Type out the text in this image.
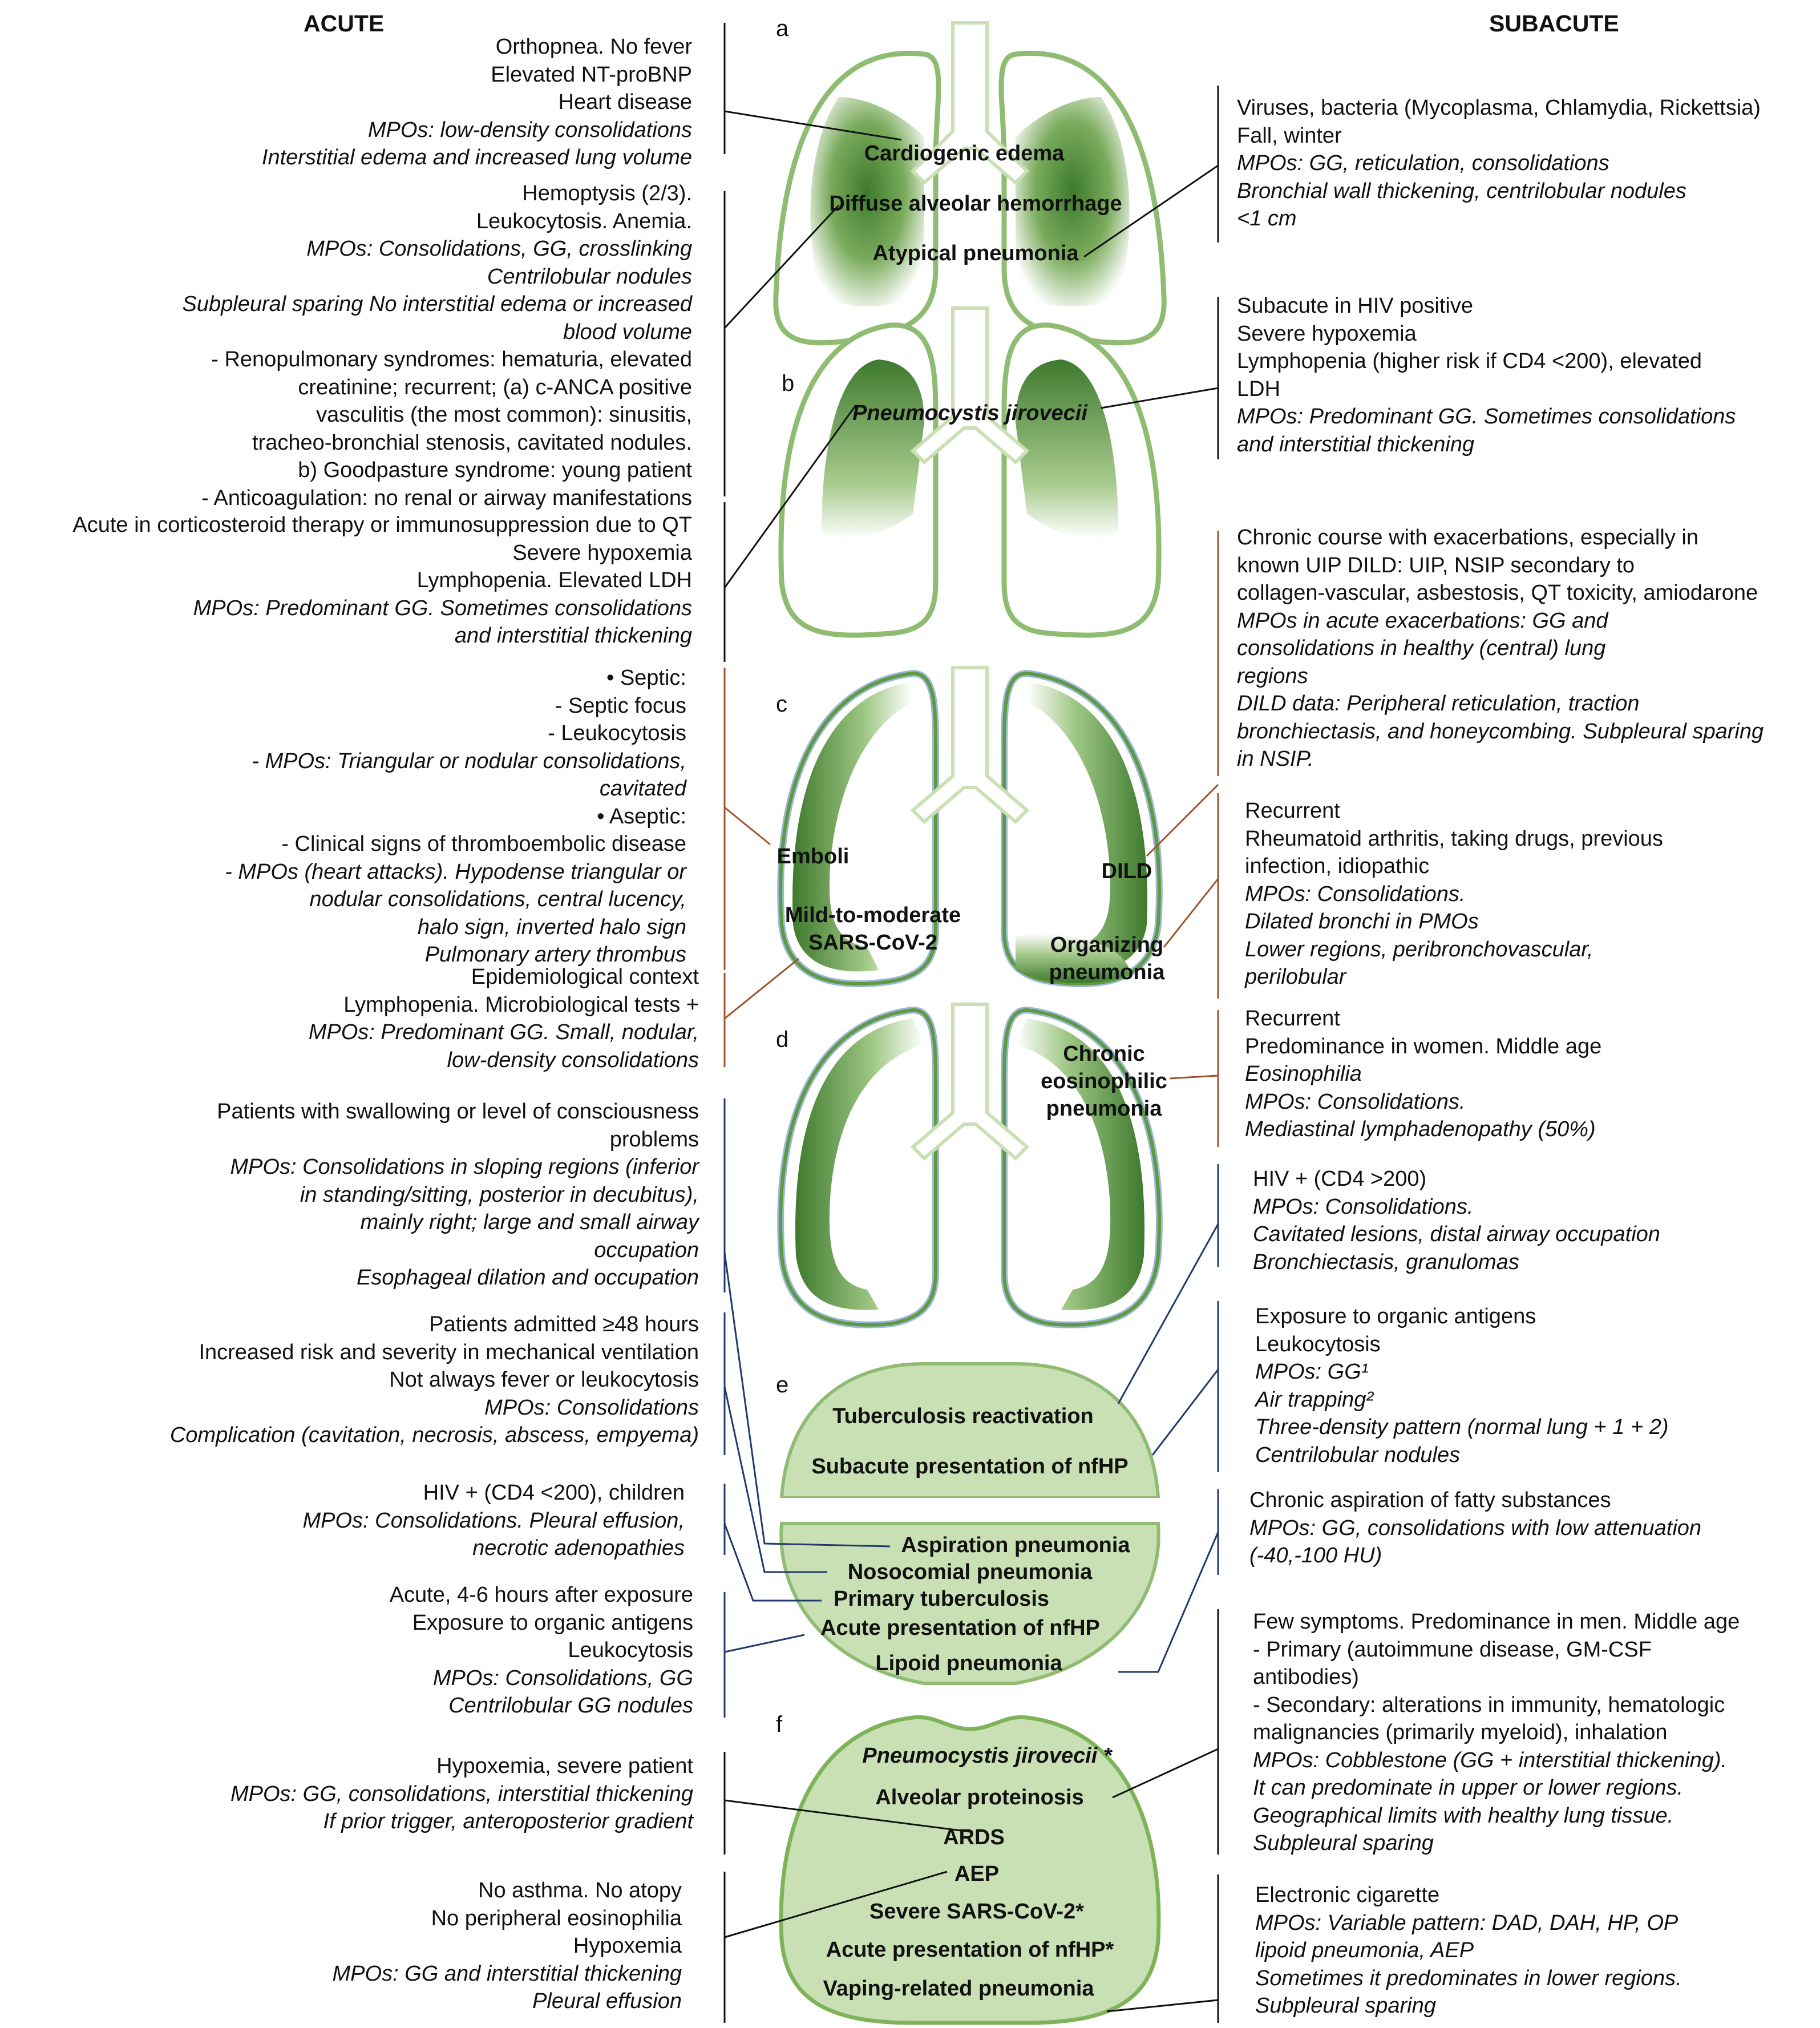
ACUTE	SUBACUTE
a
b
c
d
e
f
Cardiogenic edema
Diffuse alveolar hemorrhage
Atypical pneumonia
Pneumocystis jirovecii
Emboli
Mild-to-moderate
SARS-CoV-2
DILD
Organizing
pneumonia
Chronic
eosinophilic
pneumonia
Tuberculosis reactivation
Subacute presentation of nfHP
Aspiration pneumonia
Nosocomial pneumonia
Primary tuberculosis
Acute presentation of nfHP
Lipoid pneumonia
Pneumocystis jirovecii *
Alveolar proteinosis
ARDS
AEP
Severe SARS-CoV-2*
Acute presentation of nfHP*
Vaping-related pneumonia
Orthopnea. No fever
Elevated NT-proBNP
Heart disease
MPOs: low-density consolidations
Interstitial edema and increased lung volume
Hemoptysis (2/3).
Leukocytosis. Anemia.
MPOs: Consolidations, GG, crosslinking
Centrilobular nodules
Subpleural sparing No interstitial edema or increased
blood volume
- Renopulmonary syndromes: hematuria, elevated
creatinine; recurrent; (a) c-ANCA positive
vasculitis (the most common): sinusitis,
tracheo-bronchial stenosis, cavitated nodules.
b) Goodpasture syndrome: young patient
- Anticoagulation: no renal or airway manifestations
Acute in corticosteroid therapy or immunosuppression due to QT
Severe hypoxemia
Lymphopenia. Elevated LDH
MPOs: Predominant GG. Sometimes consolidations
and interstitial thickening
• Septic:
- Septic focus
- Leukocytosis
- MPOs: Triangular or nodular consolidations,
cavitated
• Aseptic:
- Clinical signs of thromboembolic disease
- MPOs (heart attacks). Hypodense triangular or
nodular consolidations, central lucency,
halo sign, inverted halo sign
Pulmonary artery thrombus
Epidemiological context
Lymphopenia. Microbiological tests +
MPOs: Predominant GG. Small, nodular,
low-density consolidations
Patients with swallowing or level of consciousness
problems
MPOs: Consolidations in sloping regions (inferior
in standing/sitting, posterior in decubitus),
mainly right; large and small airway
occupation
Esophageal dilation and occupation
Patients admitted ≥48 hours
Increased risk and severity in mechanical ventilation
Not always fever or leukocytosis
MPOs: Consolidations
Complication (cavitation, necrosis, abscess, empyema)
HIV + (CD4 <200), children
MPOs: Consolidations. Pleural effusion,
necrotic adenopathies
Acute, 4-6 hours after exposure
Exposure to organic antigens
Leukocytosis
MPOs: Consolidations, GG
Centrilobular GG nodules
Hypoxemia, severe patient
MPOs: GG, consolidations, interstitial thickening
If prior trigger, anteroposterior gradient
No asthma. No atopy
No peripheral eosinophilia
Hypoxemia
MPOs: GG and interstitial thickening
Pleural effusion
Viruses, bacteria (Mycoplasma, Chlamydia, Rickettsia)
Fall, winter
MPOs: GG, reticulation, consolidations
Bronchial wall thickening, centrilobular nodules
<1 cm
Subacute in HIV positive
Severe hypoxemia
Lymphopenia (higher risk if CD4 <200), elevated
LDH
MPOs: Predominant GG. Sometimes consolidations
and interstitial thickening
Chronic course with exacerbations, especially in
known UIP DILD: UIP, NSIP secondary to
collagen-vascular, asbestosis, QT toxicity, amiodarone
MPOs in acute exacerbations: GG and
consolidations in healthy (central) lung
regions
DILD data: Peripheral reticulation, traction
bronchiectasis, and honeycombing. Subpleural sparing
in NSIP.
Recurrent
Rheumatoid arthritis, taking drugs, previous
infection, idiopathic
MPOs: Consolidations.
Dilated bronchi in PMOs
Lower regions, peribronchovascular,
perilobular
Recurrent
Predominance in women. Middle age
Eosinophilia
MPOs: Consolidations.
Mediastinal lymphadenopathy (50%)
HIV + (CD4 >200)
MPOs: Consolidations.
Cavitated lesions, distal airway occupation
Bronchiectasis, granulomas
Exposure to organic antigens
Leukocytosis
MPOs: GG¹
Air trapping²
Three-density pattern (normal lung + 1 + 2)
Centrilobular nodules
Chronic aspiration of fatty substances
MPOs: GG, consolidations with low attenuation
(-40,-100 HU)
Few symptoms. Predominance in men. Middle age
- Primary (autoimmune disease, GM-CSF
antibodies)
- Secondary: alterations in immunity, hematologic
malignancies (primarily myeloid), inhalation
MPOs: Cobblestone (GG + interstitial thickening).
It can predominate in upper or lower regions.
Geographical limits with healthy lung tissue.
Subpleural sparing
Electronic cigarette
MPOs: Variable pattern: DAD, DAH, HP, OP
lipoid pneumonia, AEP
Sometimes it predominates in lower regions.
Subpleural sparing
